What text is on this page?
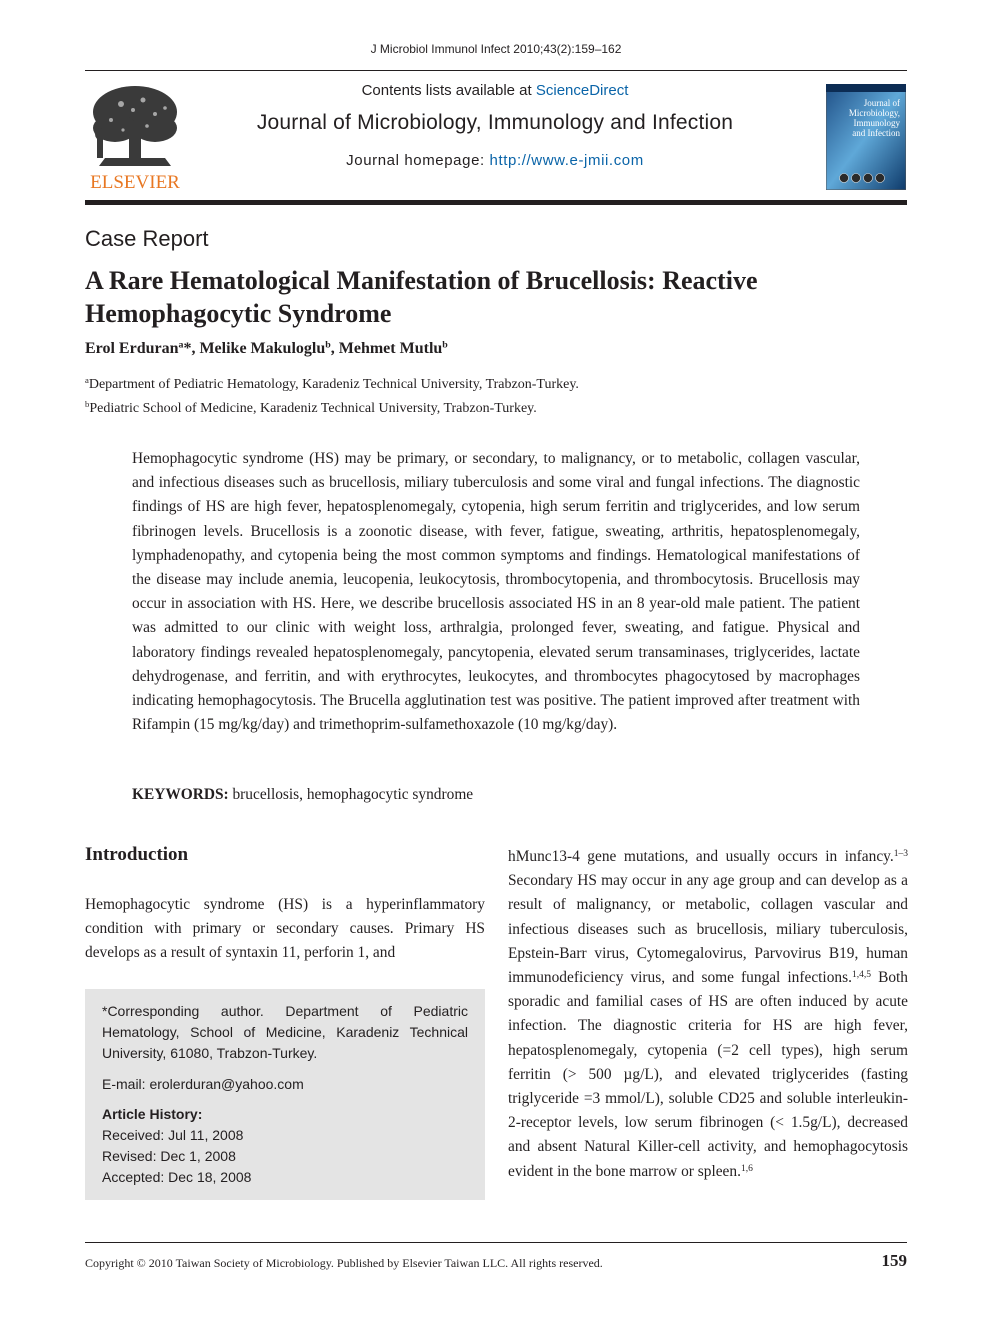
J Microbiol Immunol Infect 2010;43(2):159–162
ELSEVIER
Contents lists available at ScienceDirect
Journal of Microbiology, Immunology and Infection
Journal homepage: http://www.e-jmii.com
Journal of Microbiology, Immunology and Infection
Case Report
A Rare Hematological Manifestation of Brucellosis: Reactive Hemophagocytic Syndrome
Erol Erduran$^a$*, Melike Makuloglu$^b$, Mehmet Mutlu$^b$
$^a$Department of Pediatric Hematology, Karadeniz Technical University, Trabzon-Turkey.
$^b$Pediatric School of Medicine, Karadeniz Technical University, Trabzon-Turkey.
Hemophagocytic syndrome (HS) may be primary, or secondary, to malignancy, or to metabolic, collagen vascular, and infectious diseases such as brucellosis, miliary tuberculosis and some viral and fungal infections. The diagnostic findings of HS are high fever, hepatosplenomegaly, cytopenia, high serum ferritin and triglycerides, and low serum fibrinogen levels. Brucellosis is a zoonotic disease, with fever, fatigue, sweating, arthritis, hepatosplenomegaly, lymphadenopathy, and cytopenia being the most common symptoms and findings. Hematological manifestations of the disease may include anemia, leucopenia, leukocytosis, thrombocytopenia, and thrombocytosis. Brucellosis may occur in association with HS. Here, we describe brucellosis associated HS in an 8 year-old male patient. The patient was admitted to our clinic with weight loss, arthralgia, prolonged fever, sweating, and fatigue. Physical and laboratory findings revealed hepatosplenomegaly, pancytopenia, elevated serum transaminases, triglycerides, lactate dehydrogenase, and ferritin, and with erythrocytes, leukocytes, and thrombocytes phagocytosed by macrophages indicating hemophagocytosis. The Brucella agglutination test was positive. The patient improved after treatment with Rifampin (15 mg/kg/day) and trimethoprim-sulfamethoxazole (10 mg/kg/day).
KEYWORDS: brucellosis, hemophagocytic syndrome
Introduction
Hemophagocytic syndrome (HS) is a hyperinflammatory condition with primary or secondary causes. Primary HS develops as a result of syntaxin 11, perforin 1, and
*Corresponding author. Department of Pediatric Hematology, School of Medicine, Karadeniz Technical University, 61080, Trabzon-Turkey.
E-mail: erolerduran@yahoo.com
Article History:
Received: Jul 11, 2008
Revised: Dec 1, 2008
Accepted: Dec 18, 2008
hMunc13-4 gene mutations, and usually occurs in infancy.$^{1-3}$ Secondary HS may occur in any age group and can develop as a result of malignancy, or metabolic, collagen vascular and infectious diseases such as brucellosis, miliary tuberculosis, Epstein-Barr virus, Cytomegalovirus, Parvovirus B19, human immunodeficiency virus, and some fungal infections.$^{1,4,5}$ Both sporadic and familial cases of HS are often induced by acute infection. The diagnostic criteria for HS are high fever, hepatosplenomegaly, cytopenia (=2 cell types), high serum ferritin (> 500 µg/L), and elevated triglycerides (fasting triglyceride =3 mmol/L), soluble CD25 and soluble interleukin-2-receptor levels, low serum fibrinogen (< 1.5g/L), decreased and absent Natural Killer-cell activity, and hemophagocytosis evident in the bone marrow or spleen.$^{1,6}$
Copyright © 2010 Taiwan Society of Microbiology. Published by Elsevier Taiwan LLC. All rights reserved.	159
